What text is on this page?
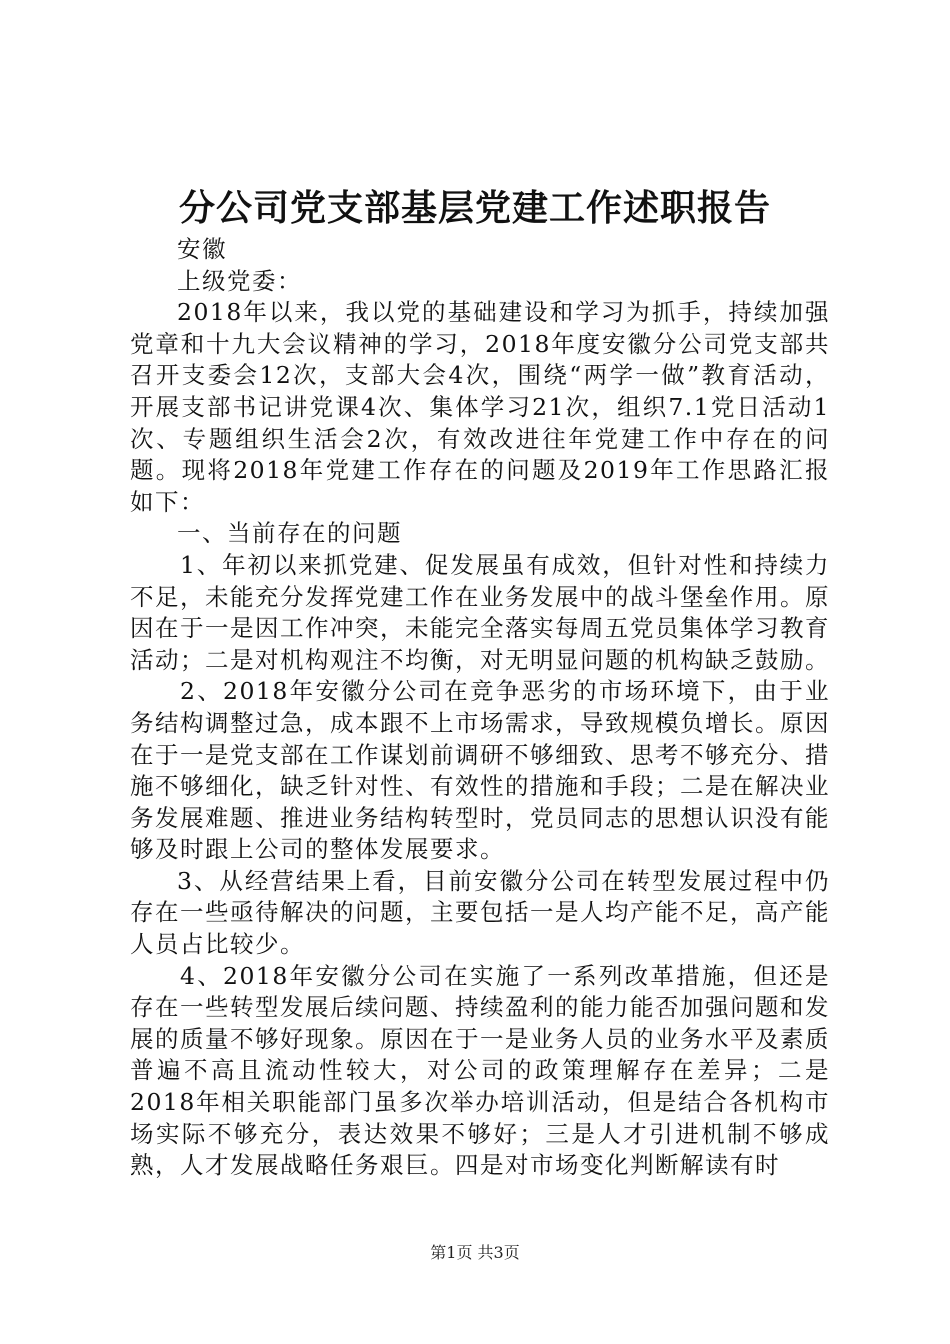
分公司党支部基层党建工作述职报告

安徽

上级党委：

2018年以来，我以党的基础建设和学习为抓手，持续加强党章和十九大会议精神的学习，2018年度安徽分公司党支部共召开支委会12次，支部大会4次，围绕“两学一做”教育活动，开展支部书记讲党课4次、集体学习21次，组织7.1党日活动1次、专题组织生活会2次，有效改进往年党建工作中存在的问题。现将2018年党建工作存在的问题及2019年工作思路汇报如下：

一、当前存在的问题

1、年初以来抓党建、促发展虽有成效，但针对性和持续力不足，未能充分发挥党建工作在业务发展中的战斗堡垒作用。原因在于一是因工作冲突，未能完全落实每周五党员集体学习教育活动；二是对机构观注不均衡，对无明显问题的机构缺乏鼓励。

2、2018年安徽分公司在竞争恶劣的市场环境下，由于业务结构调整过急，成本跟不上市场需求，导致规模负增长。原因在于一是党支部在工作谋划前调研不够细致、思考不够充分、措施不够细化，缺乏针对性、有效性的措施和手段；二是在解决业务发展难题、推进业务结构转型时，党员同志的思想认识没有能够及时跟上公司的整体发展要求。

3、从经营结果上看，目前安徽分公司在转型发展过程中仍存在一些亟待解决的问题，主要包括一是人均产能不足，高产能人员占比较少。

4、2018年安徽分公司在实施了一系列改革措施，但还是存在一些转型发展后续问题、持续盈利的能力能否加强问题和发展的质量不够好现象。原因在于一是业务人员的业务水平及素质普遍不高且流动性较大，对公司的政策理解存在差异；二是2018年相关职能部门虽多次举办培训活动，但是结合各机构市场实际不够充分，表达效果不够好；三是人才引进机制不够成熟，人才发展战略任务艰巨。四是对市场变化判断解读有时

第1页 共3页
